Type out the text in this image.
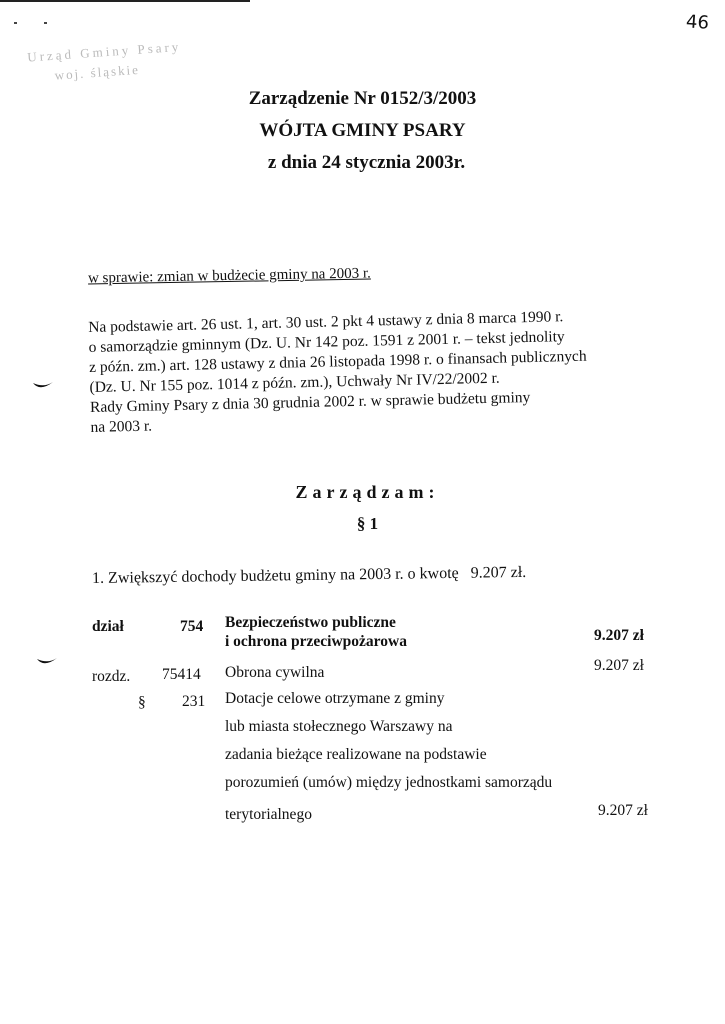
46
Urząd Gminy Psary
woj. śląskie
Zarządzenie Nr 0152/3/2003
WÓJTA GMINY PSARY
z dnia 24 stycznia 2003r.
w sprawie: zmian w budżecie gminy na 2003 r.
Na podstawie art. 26 ust. 1, art. 30 ust. 2 pkt 4 ustawy z dnia 8 marca 1990 r.
o samorządzie gminnym (Dz. U. Nr 142 poz. 1591 z 2001 r. – tekst jednolity
z późn. zm.) art. 128 ustawy z dnia 26 listopada 1998 r. o finansach publicznych
(Dz. U. Nr 155 poz. 1014 z późn. zm.), Uchwały Nr IV/22/2002 r.
Rady Gminy Psary z dnia 30 grudnia 2002 r. w sprawie budżetu gminy
na 2003 r.
Zarządzam:
§ 1
1. Zwiększyć dochody budżetu gminy na 2003 r. o kwotę 9.207 zł.
dział	754 Bezpieczeństwo publiczne
i ochrona przeciwpożarowa	9.207 zł
rozdz. 75414 Obrona cywilna	9.207 zł
§ 231 Dotacje celowe otrzymane z gminy
lub miasta stołecznego Warszawy na
zadania bieżące realizowane na podstawie
porozumień (umów) między jednostkami samorządu
terytorialnego	9.207 zł
